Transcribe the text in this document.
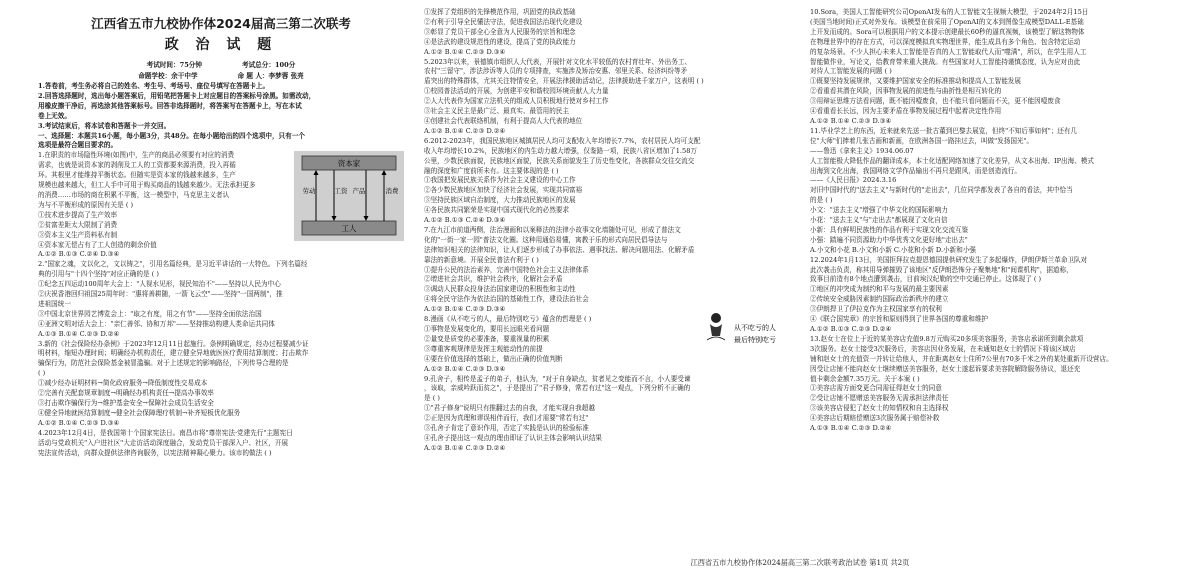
江西省五市九校协作体2024届高三第二次联考
政 治 试 题
考试时间：75分钟	考试总分：100分
命题学校：余干中学	命 题 人：李梦蓉 张亮

1.答卷前，考生务必将自己的姓名、考生号、考场号、座位号填写在答题卡上。

2.回答选择题时，选出每小题答案后，用铅笔把答题卡上对应题目的答案标号涂黑。如需改动，

用橡皮擦干净后，再选涂其他答案标号。回答非选择题时，将答案写在答题卡上，写在本试

卷上无效。

3.考试结束后，将本试卷和答题卡一并交回。

一、选择题：本题共16小题，每小题3分，共48分。在每小题给出的四个选项中，只有一个

选项是最符合题目要求的。

1.在职责的市场隐性环境(如图)中，生产的商品必须要有对应的消费

需求，也就是说资本家的剥削及工人的工资都要来源消费，投入再循

环。其根里才能维持平衡状态。但随实是资本家的钱越来越多，生产

规模也越来越大，但工人手中可用于购买商品的钱越来越少。无法承担更多

的消费……市场的商在积累不平衡，这一模型中，马克思主义者认

为与不平衡形成的原因有关是 ( )

资本家
工人
劳动	工资 产品	消费

①技术进步提高了生产效率

②贫富差距太大限制了消费

③资本主义生产资料私有制

④资本家无偿占有了工人创造的剩余价值

A.①② B.①③ C.②④ D.③④

2."国家之魂，文以化之，文以铸之"，引用名篇经典，是习近平讲话的一大特色。下列名篇经

典的引用与"十四个坚持"对应正确的是 ( )

①纪念五四运动100周年大会上："人视水见形，视民知治不"——坚持以人民为中心

②庆祝香港回归祖国25周年时："惠将善耕随，一箭飞云空"——坚持"一国两制"，推

进祖国统一

③中国北京世界园艺博览会上："取之有度，用之有节"——坚持全面依法治国

④亚洲文明对话大会上："亲仁善邻、协和万邦"——坚持推动构建人类命运共同体

A.①③ B.①④ C.②③ D.②④

3.新的《社会保险经办条例》于2023年12月11日起施行。条例明确规定，经办过程要减少证

明材料，缩短办理时间；明确经办机构责任，建立健全异地就医医疗费用结算制度；打击欺诈

骗保行为，防范社会保险基金被冒滥骗。对于上述规定的影响路径，下列传导合理的是

( )

①减少经办证明材料→简化政府服务→降低制度性交易成本

②完善有关配套规章制度→明确经办机构责任→提高办事效率

③打击欺诈骗保行为→维护基金安全→保障社会成员生活安全

④健全异地就医结算制度→健全社会保障理疗机制→补齐短板优化服务

A.①② B.①④ C.②③ D.③④

4.2023年12月4日，是我国第十个国家宪法日。南昌市将"尊崇宪法·党建先行"主题宪日

活动与党政机关"入户进社区"大走访活动深度融合，发动党员干部深入户、社区，开展

宪法宣传活动，向群众提供法律咨询服务，以宪法精神凝心聚力。该市的做法 ( )

①发挥了党组织的先锋模范作用，巩固党的执政基础

②有利于引导全民懂法守法，促进我国法治现代化建设

③彰显了党员干部全心全意为人民服务的宗旨和理念

④是法武的建设规范性的建设，提高了党的执政能力

A.①② B.①④ C.②③ D.③④

5.2023年以来，景德镇市组织人大代表，开展针对文化水平较低的农村育壮年、外出务工、

农村"三留守"，涉法涉诉等人员的专项排查，实施涉及矫治安惠、邻里关系、经济纠纷等矛

盾突出的特殊群体，尤其关注特情安全，开展法律援助活动记，法律援助进千家万户，这表明 ( )

①校园普法活动的开展，为创建平安和谐校园环境贡献人大力量

②人大代表作为国家立法机关的组成人员积极地行使对乡村工作

③社会主义民主是最广泛、最真实、最管用的民主

④创建社会代表联络机制，有利于提高人大代表的地位

A.①② B.①④ C.②③ D.②④

6.2012-2023年，我国民族地区城镇居民人均可支配收入年均增长7.7%，农村居民人均可支配

收入年均增长10.2%，民族地区的内生动力越大增强，仅鉴路一项，民族八省区增加了1.58万

公里，少数民族面貌，民族地区面貌，民族关系面貌发生了历史性变化，各族群众交往交流交

融的深度和广度前所未有。这主要体现的是 ( )

①我国把发展民族关系作为社会主义建设的中心工作

②各少数民族地区加快了经济社会发展，实现共同富裕

③坚持民族区域自治制度，大力推动民族地区的发展

④各民族共同繁荣是实现中国式现代化的必然要求

A.①② B.①③ C.②④ D.③④

7.在九江市前道两侧，法治漫画和以案释法的法律小故事文化墙随处可见，形成了普法文

化的"一街一家一园"普法文化圈。这种用通俗易懂，寓教于乐的形式向居民倡导法与

法律知识相关的法律知识，让人们逐步形成了办事依法、遇事找法、解决问题用法、化解矛盾

靠法的新意境。开展全民普法有利于 ( )

①提升公民的法治素养，完善中国特色社会主义法律体系

②增进社会共识，维护社会秩序，化解社会矛盾

③调动人民群众投身法治国家建设的积极性和主动性

④将全民守法作为依法治国的基础性工作，建设法治社会

A.①② B.①④ C.②③ D.③④

8.漫画《从不吃亏的人，最后特别吃亏》蕴含的哲理是 ( )

①事物是发展变化的，要用长远眼光看问题

②量变是质变的必要准备，要重视量的积累

③尊重客观规律是发挥主观能动性的前提

④要在价值选择的基础上，做出正确的价值判断

A.①② B.①④ C.②③ D.③④

9.孔舍子，相传是孟子的弟子，他认为，"对于自身缺点，贫者见之变能而不言，小人要受谏

，该取，亲威吟跃而贫之"，于是提出了"君子修身，常若有过"这一观点，下列分析不正确的

是 ( )

①"君子修身"说明只有推翻过去的自我，才能实现自我超越

②正是因为真理和谬误相伴而行，我们才需要"常若有过"

③孔舍子肯定了意识作用，否定了实践是认识的检验标准

④孔舍子提出这一观点的理由即证了认识主体会影响认识结果

A.①② B.①④ C.②③ D.②④

从不吃亏的人
最后特别吃亏

10.Sora，美国人工智能研究公司OpenAI发布的人工智能文生视频大模型，于2024年2月15日

(美国当地时间)正式对外发布。该模型在前采用了OpenAI的文本到图像生成模型DALL-E基础

上开发而成的。Sora可以根据用户的文本提示创建最长60秒的逼真视频，该模型了解这物物体

在物理世界中的存在方式，可以深度模拟真实物理世界，能生成具有多个角色、包含特定运动

的复杂场景。不少人担心未来人工智能是否真的人工智能取代人而"噬满"，所以，在学生用人工

智能做作业，写论文，给教育带来重大挑战。有些国家对人工智能持谨慎态度，认为应对由此

对待人工智能发展的问题 ( )

①既要坚持发展规律，又要维护国家安全的标准推动和提高人工智能发展

②看重看其潜在风险，因事物发展的前进性与曲折性是相互转化的

③用辩证思维方法看问题，既不能因噎废食，也不能只看问题而不关，更不能因噎废食

④看重看长长远，因为主要矛盾在事物发展过程中起着决定性作用

A.①② B.①④ C.②③ D.③④

11.毕业学艺上的东西，近来就来先送一批古董到巴黎去展览，但终"不知后事如何"；还有几

位"大师"们捧着几张古画和新画，在欧洲各国一路挂过去，叫做"发扬国光"。

——鲁迅《拿来主义》1934.06.07

人工智能极大降低作品的翻译成本，本土化适配网络加速了文化差异，从文本出海、IP出海、模式

出海到文化出海，我国网络文学作品输出不再只是跟风，而是创造流行。

——《人民日报》2024.3.16

对旧中国时代的"送去主义"与新时代的"走出去"，几位同学都发表了各自的看法，其中恰当

的是 ( )

小文："送去主义"增强了中华文化的国际影响力

小花："送去主义"与"走出去"都展现了文化自信

小新：具有鲜明民族性的作品有利于实现文化交流互鉴

小强：踏遍不同资源助力中华优秀文化更好地"走出去"

A.小文和小花 B.小文和小新 C.小花和小新 D.小新和小强

12.2024年1月13日，美国拒拜拉克提恩德国提供研究发生了多起爆炸，伊朗伊斯兰革命卫队对

此次袭击负责，称其用导弹摧毁了该地区"反伊朗恐怖分子聚集地"和"间谍机构"，据道称，

致事目前造有8个地点遭到袭击，目前埃汉纪勒的空中交通已停止。这体现了 ( )

①地区的冲突成为制约和平与发展的最主要因素

②传统安全威胁因素制约国际政治新秩序的建立

③伊朗捍卫了伊拉克作为主权国家享有的权利

④《联合国宪章》的宗旨和原则得到了世界各国的尊重和维护

A.①② B.①③ C.②③ D.②④

13.赵女士在位上于近的某美容店充值9.8万元购买20多项美容服务，美容店承诺所到剩余款项

3次服务。赵女士接受3次服务后，美容店因业务发展，在未通知赵女士的情况下将该区域店

铺和赵女士的充值资一并转让给他人，并在距离赵女士住所7公里有70多千米之外的某处重新开设营店。

因受让店铺不能向赵女士继续赠送美容服务，赵女士遂起诉要求美容院解除服务协议，退还充

值卡剩余金额7.35万元。关于本案 ( )

①美容店需方面变更合同需征得赵女士的同意

②受让店铺不愿赠送美容服务无需承担法律责任

③该美容店侵犯了赵女士的知情权和自主选择权

④美容店后期赔偿赠送3次服务属于赔偿补救

A.①③ B.①④ C.②③ D.②④

江西省五市九校协作体2024届高三第二次联考政治试卷 第1页 共2页
